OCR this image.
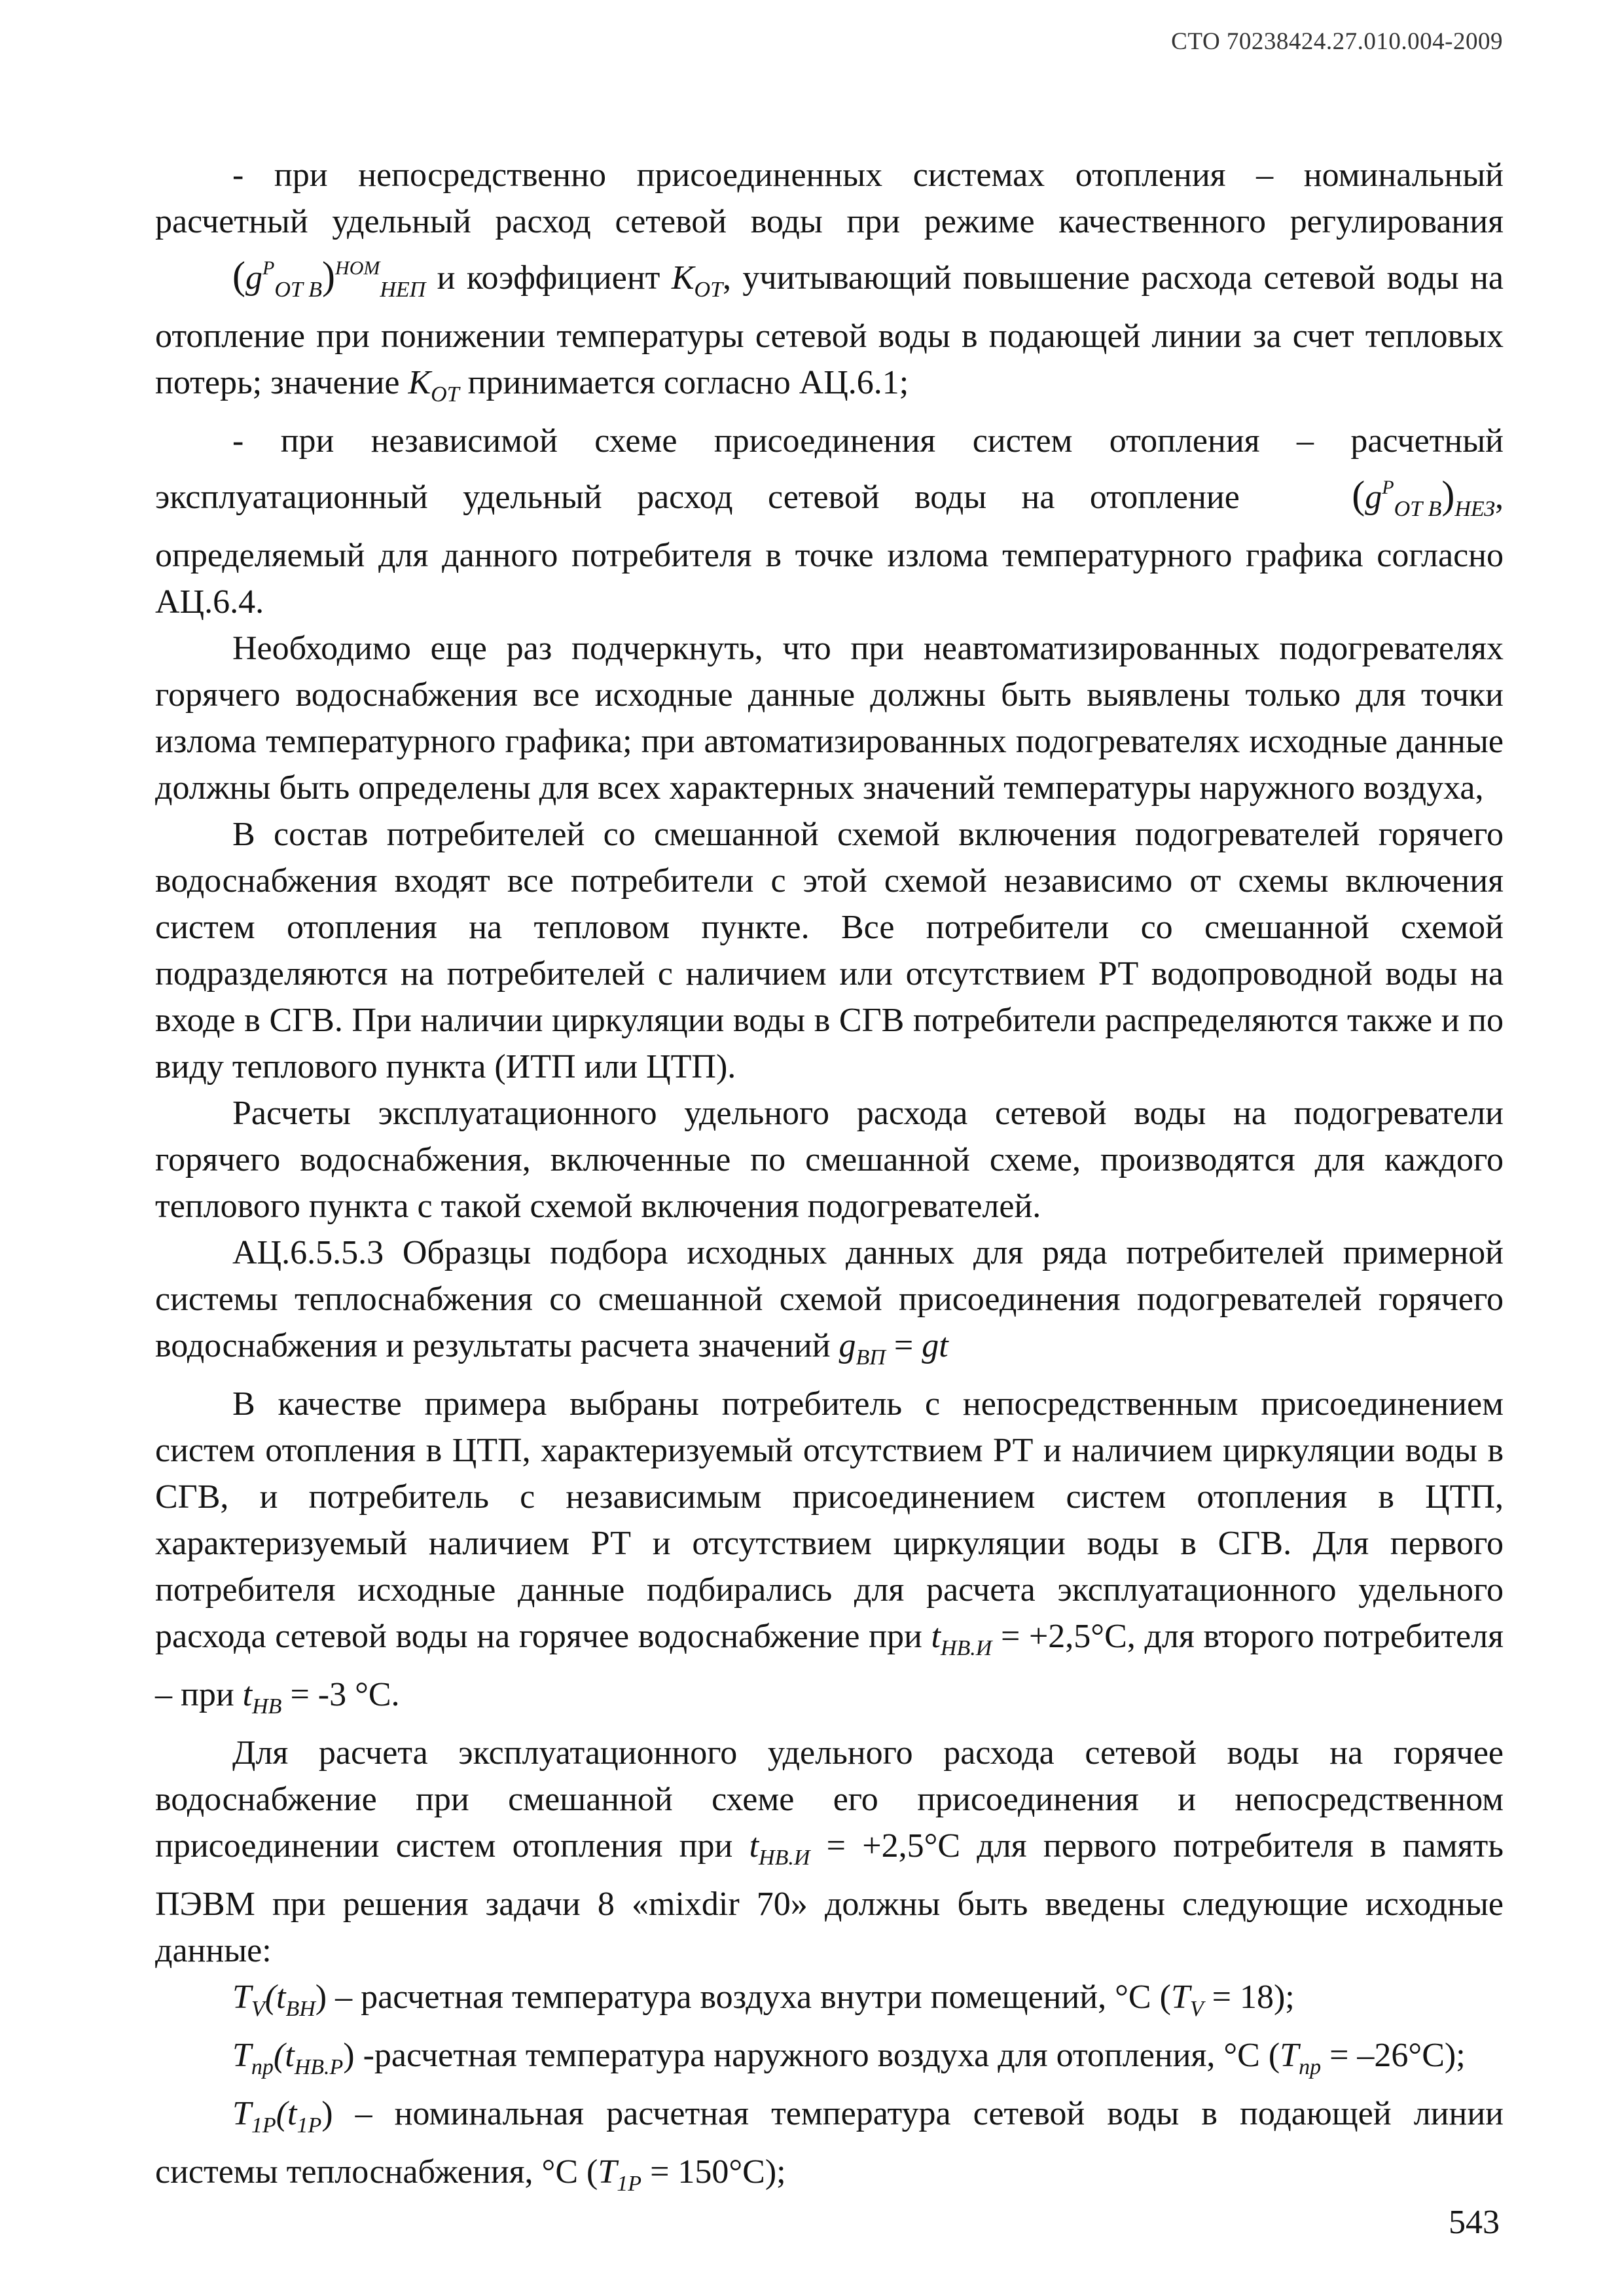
СТО 70238424.27.010.004-2009

- при непосредственно присоединенных системах отопления – номинальный расчетный удельный расход сетевой воды при режиме качественного регулирования $(g^P_{ОТ В})^{НОМ}_{НЕП}$ и коэффициент $K_{OT}$, учитывающий повышение расхода сетевой воды на отопление при понижении температуры сетевой воды в подающей линии за счет тепловых потерь; значение $K_{OT}$ принимается согласно АЦ.6.1;

- при независимой схеме присоединения систем отопления – расчетный эксплуатационный удельный расход сетевой воды на отопление $(g^P_{ОТ В})_{НЕЗ}$, определяемый для данного потребителя в точке излома температурного графика согласно АЦ.6.4.

Необходимо еще раз подчеркнуть, что при неавтоматизированных подогревателях горячего водоснабжения все исходные данные должны быть выявлены только для точки излома температурного графика; при автоматизированных подогревателях исходные данные должны быть определены для всех характерных значений температуры наружного воздуха,

В состав потребителей со смешанной схемой включения подогревателей горячего водоснабжения входят все потребители с этой схемой независимо от схемы включения систем отопления на тепловом пункте. Все потребители со смешанной схемой подразделяются на потребителей с наличием или отсутствием РТ водопроводной воды на входе в СГВ. При наличии циркуляции воды в СГВ потребители распределяются также и по виду теплового пункта (ИТП или ЦТП).

Расчеты эксплуатационного удельного расхода сетевой воды на подогреватели горячего водоснабжения, включенные по смешанной схеме, производятся для каждого теплового пункта с такой схемой включения подогревателей.

АЦ.6.5.5.3 Образцы подбора исходных данных для ряда потребителей примерной системы теплоснабжения со смешанной схемой присоединения подогревателей горячего водоснабжения и результаты расчета значений $g_{ВП}$ = gt

В качестве примера выбраны потребитель с непосредственным присоединением систем отопления в ЦТП, характеризуемый отсутствием РТ и наличием циркуляции воды в СГВ, и потребитель с независимым присоединением систем отопления в ЦТП, характеризуемый наличием РТ и отсутствием циркуляции воды в СГВ. Для первого потребителя исходные данные подбирались для расчета эксплуатационного удельного расхода сетевой воды на горячее водоснабжение при $t_{НВ.И} = +2,5^\circ С$, для второго потребителя – при $t_{НВ} = -3$ °С.

Для расчета эксплуатационного удельного расхода сетевой воды на горячее водоснабжение при смешанной схеме его присоединения и непосредственном присоединении систем отопления при $t_{НВ.И} = +2,5^\circ С$ для первого потребителя в память ПЭВМ при решения задачи 8 «mixdir 70» должны быть введены следующие исходные данные:

$T_V(t_{ВН})$ – расчетная температура воздуха внутри помещений, °С $(T_V = 18)$;

$T_{пр}(t_{НВ.Р})$ -расчетная температура наружного воздуха для отопления, °С $(T_{пр} = -26^\circ С)$;

$T_{1Р}(t_{1Р})$ – номинальная расчетная температура сетевой воды в подающей линии системы теплоснабжения, °С $(T_{1Р} = 150^\circ С)$;

543
